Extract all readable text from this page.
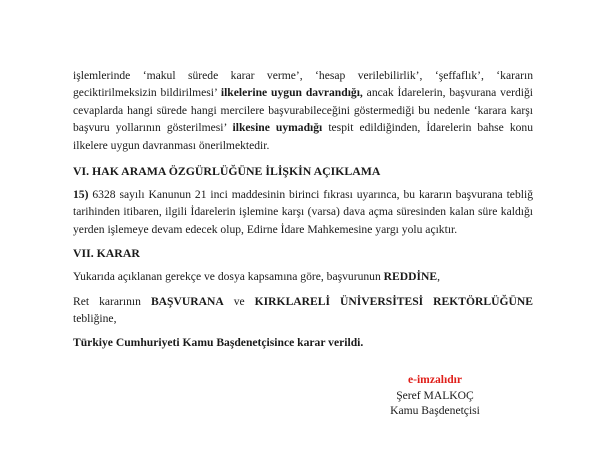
işlemlerinde ‘makul sürede karar verme’, ‘hesap verilebilirlik’, ‘şeffaflık’, ‘kararın geciktirilmeksizin bildirilmesi’ ilkelerine uygun davrandığı, ancak İdarelerin, başvurana verdiği cevaplarda hangi sürede hangi mercilere başvurabileceğini göstermediği bu nedenle ‘karara karşı başvuru yollarının gösterilmesi’ ilkesine uymadığı tespit edildiğinden, İdarelerin bahse konu ilkelere uygun davranması önerilmektedir.

VI. HAK ARAMA ÖZGÜRLÜĞÜNE İLİŞKİN AÇIKLAMA

15) 6328 sayılı Kanunun 21 inci maddesinin birinci fıkrası uyarınca, bu kararın başvurana tebliğ tarihinden itibaren, ilgili İdarelerin işlemine karşı (varsa) dava açma süresinden kalan süre kaldığı yerden işlemeye devam edecek olup, Edirne İdare Mahkemesine yargı yolu açıktır.

VII. KARAR

Yukarıda açıklanan gerekçe ve dosya kapsamına göre, başvurunun REDDİNE,

Ret kararının BAŞVURANA ve KIRKLARELİ ÜNİVERSİTESİ REKTÖRLÜĞÜNE
tebliğine,

Türkiye Cumhuriyeti Kamu Başdenetçisince karar verildi.

e-imzalıdır
Şeref MALKOÇ
Kamu Başdenetçisi
